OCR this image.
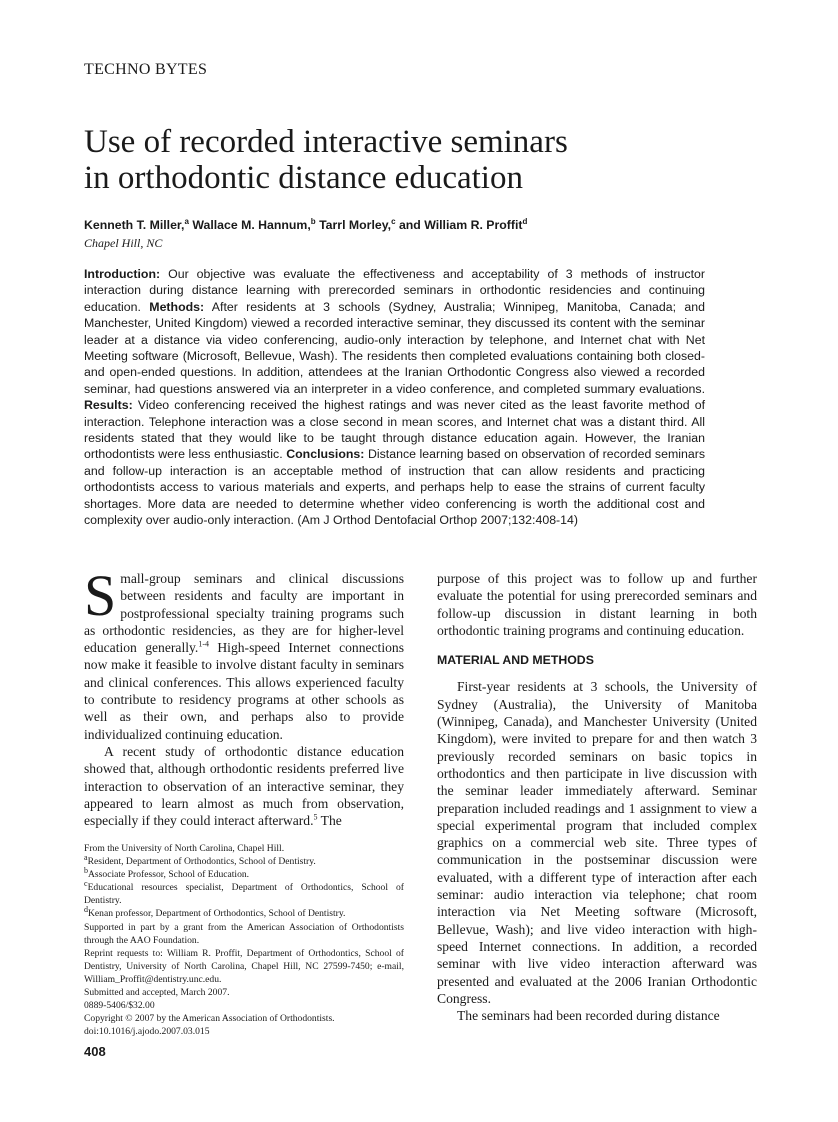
TECHNO BYTES
Use of recorded interactive seminars
in orthodontic distance education
Kenneth T. Miller,$^a$ Wallace M. Hannum,$^b$ Tarrl Morley,$^c$ and William R. Proffit$^d$
Chapel Hill, NC

Introduction: Our objective was evaluate the effectiveness and acceptability of 3 methods of instructor interaction during distance learning with prerecorded seminars in orthodontic residencies and continuing education. Methods: After residents at 3 schools (Sydney, Australia; Winnipeg, Manitoba, Canada; and Manchester, United Kingdom) viewed a recorded interactive seminar, they discussed its content with the seminar leader at a distance via video conferencing, audio-only interaction by telephone, and Internet chat with Net Meeting software (Microsoft, Bellevue, Wash). The residents then completed evaluations containing both closed- and open-ended questions. In addition, attendees at the Iranian Orthodontic Congress also viewed a recorded seminar, had questions answered via an interpreter in a video conference, and completed summary evaluations. Results: Video conferencing received the highest ratings and was never cited as the least favorite method of interaction. Telephone interaction was a close second in mean scores, and Internet chat was a distant third. All residents stated that they would like to be taught through distance education again. However, the Iranian orthodontists were less enthusiastic. Conclusions: Distance learning based on observation of recorded seminars and follow-up interaction is an acceptable method of instruction that can allow residents and practicing orthodontists access to various materials and experts, and perhaps help to ease the strains of current faculty shortages. More data are needed to determine whether video conferencing is worth the additional cost and complexity over audio-only interaction. (Am J Orthod Dentofacial Orthop 2007;132:408-14)

Small-group seminars and clinical discussions between residents and faculty are important in postprofessional specialty training programs such as orthodontic residencies, as they are for higher-level education generally.$^{1-4}$ High-speed Internet connections now make it feasible to involve distant faculty in seminars and clinical conferences. This allows experienced faculty to contribute to residency programs at other schools as well as their own, and perhaps also to provide individualized continuing education.

A recent study of orthodontic distance education showed that, although orthodontic residents preferred live interaction to observation of an interactive seminar, they appeared to learn almost as much from observation, especially if they could interact afterward.$^5$ The

purpose of this project was to follow up and further evaluate the potential for using prerecorded seminars and follow-up discussion in distant learning in both orthodontic training programs and continuing education.

MATERIAL AND METHODS

First-year residents at 3 schools, the University of Sydney (Australia), the University of Manitoba (Winnipeg, Canada), and Manchester University (United Kingdom), were invited to prepare for and then watch 3 previously recorded seminars on basic topics in orthodontics and then participate in live discussion with the seminar leader immediately afterward. Seminar preparation included readings and 1 assignment to view a special experimental program that included complex graphics on a commercial web site. Three types of communication in the postseminar discussion were evaluated, with a different type of interaction after each seminar: audio interaction via telephone; chat room interaction via Net Meeting software (Microsoft, Bellevue, Wash); and live video interaction with high-speed Internet connections. In addition, a recorded seminar with live video interaction afterward was presented and evaluated at the 2006 Iranian Orthodontic Congress.

The seminars had been recorded during distance

From the University of North Carolina, Chapel Hill.
$^a$Resident, Department of Orthodontics, School of Dentistry.
$^b$Associate Professor, School of Education.
$^c$Educational resources specialist, Department of Orthodontics, School of Dentistry.
$^d$Kenan professor, Department of Orthodontics, School of Dentistry.
Supported in part by a grant from the American Association of Orthodontists through the AAO Foundation.
Reprint requests to: William R. Proffit, Department of Orthodontics, School of Dentistry, University of North Carolina, Chapel Hill, NC 27599-7450; e-mail, William_Proffit@dentistry.unc.edu.
Submitted and accepted, March 2007.
0889-5406/$32.00
Copyright © 2007 by the American Association of Orthodontists.
doi:10.1016/j.ajodo.2007.03.015
408
